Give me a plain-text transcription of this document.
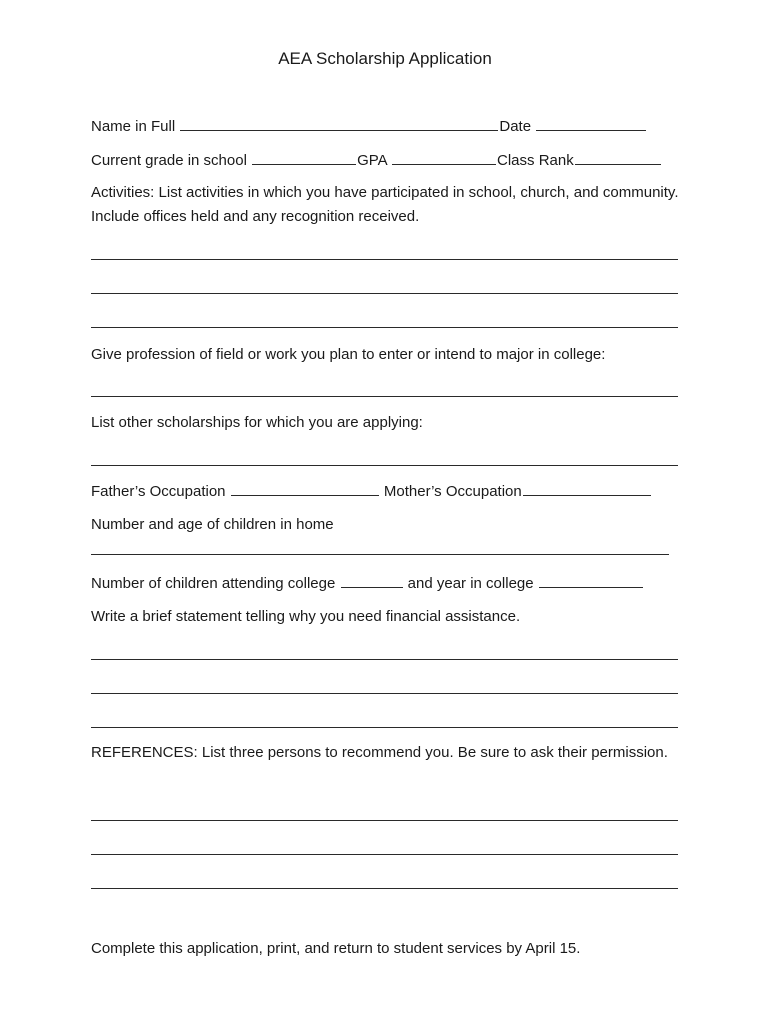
AEA Scholarship Application
Name in Full	Date
Current grade in school	GPA	Class Rank
Activities: List activities in which you have participated in school, church, and community. Include offices held and any recognition received.
Give profession of field or work you plan to enter or intend to major in college:
List other scholarships for which you are applying:
Father’s Occupation	Mother’s Occupation
Number and age of children in home
Number of children attending college	and year in college
Write a brief statement telling why you need financial assistance.
REFERENCES: List three persons to recommend you. Be sure to ask their permission.
Complete this application, print, and return to student services by April 15.
